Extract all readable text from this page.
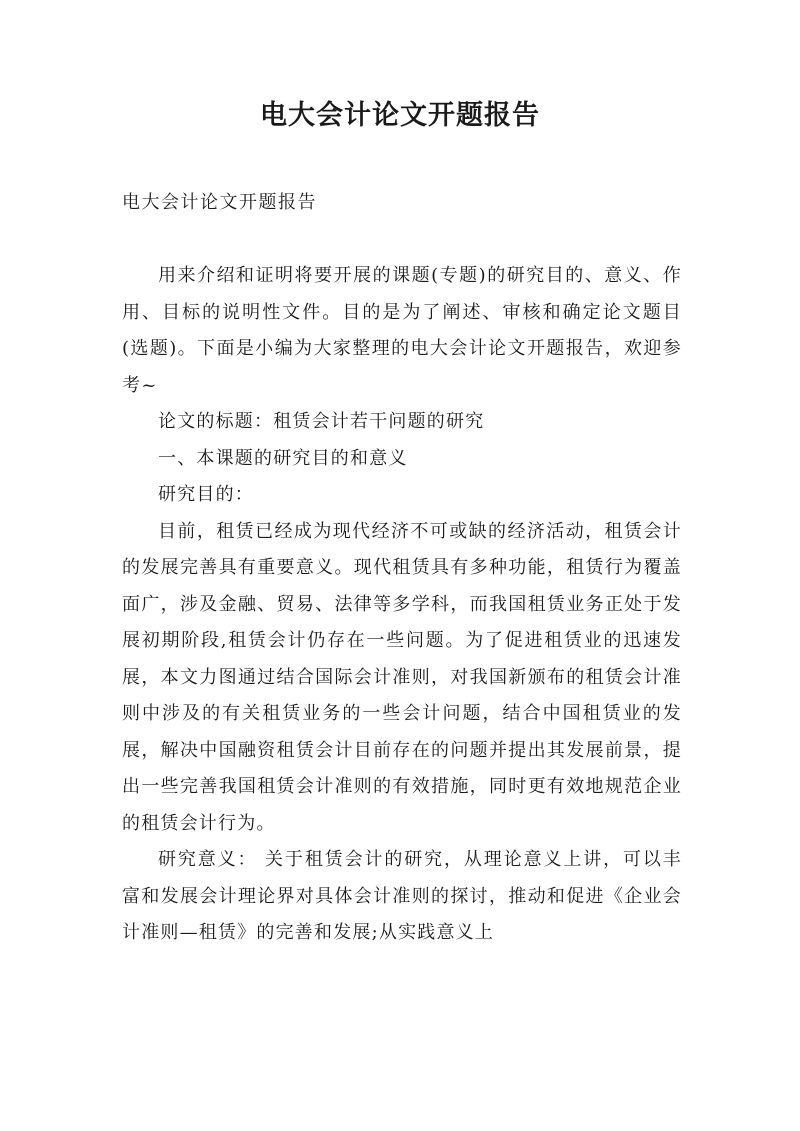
电大会计论文开题报告
电大会计论文开题报告

用来介绍和证明将要开展的课题(专题)的研究目的、意义、作用、目标的说明性文件。目的是为了阐述、审核和确定论文题目(选题)。下面是小编为大家整理的电大会计论文开题报告，欢迎参考~

论文的标题：租赁会计若干问题的研究

一、本课题的研究目的和意义

研究目的：

目前，租赁已经成为现代经济不可或缺的经济活动，租赁会计的发展完善具有重要意义。现代租赁具有多种功能，租赁行为覆盖面广，涉及金融、贸易、法律等多学科，而我国租赁业务正处于发展初期阶段,租赁会计仍存在一些问题。为了促进租赁业的迅速发展，本文力图通过结合国际会计准则，对我国新颁布的租赁会计准则中涉及的有关租赁业务的一些会计问题，结合中国租赁业的发展，解决中国融资租赁会计目前存在的问题并提出其发展前景，提出一些完善我国租赁会计准则的有效措施，同时更有效地规范企业的租赁会计行为。

研究意义： 关于租赁会计的研究，从理论意义上讲，可以丰富和发展会计理论界对具体会计准则的探讨，推动和促进《企业会计准则—租赁》的完善和发展;从实践意义上
